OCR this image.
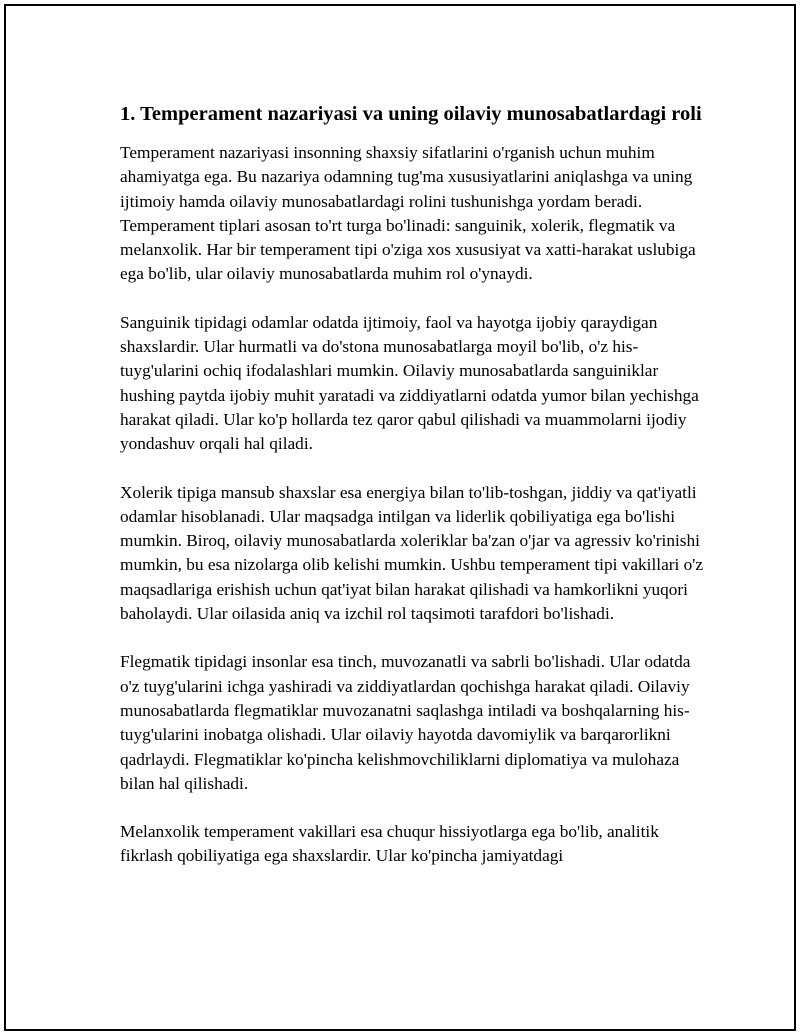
1. Temperament nazariyasi va uning oilaviy munosabatlardagi roli

Temperament nazariyasi insonning shaxsiy sifatlarini o'rganish uchun muhim ahamiyatga ega. Bu nazariya odamning tug'ma xususiyatlarini aniqlashga va uning ijtimoiy hamda oilaviy munosabatlardagi rolini tushunishga yordam beradi. Temperament tiplari asosan to'rt turga bo'linadi: sanguinik, xolerik, flegmatik va melanxolik. Har bir temperament tipi o'ziga xos xususiyat va xatti-harakat uslubiga ega bo'lib, ular oilaviy munosabatlarda muhim rol o'ynaydi.

Sanguinik tipidagi odamlar odatda ijtimoiy, faol va hayotga ijobiy qaraydigan shaxslardir. Ular hurmatli va do'stona munosabatlarga moyil bo'lib, o'z his-tuyg'ularini ochiq ifodalashlari mumkin. Oilaviy munosabatlarda sanguiniklar hushing paytda ijobiy muhit yaratadi va ziddiyatlarni odatda yumor bilan yechishga harakat qiladi. Ular ko'p hollarda tez qaror qabul qilishadi va muammolarni ijodiy yondashuv orqali hal qiladi.

Xolerik tipiga mansub shaxslar esa energiya bilan to'lib-toshgan, jiddiy va qat'iyatli odamlar hisoblanadi. Ular maqsadga intilgan va liderlik qobiliyatiga ega bo'lishi mumkin. Biroq, oilaviy munosabatlarda xoleriklar ba'zan o'jar va agressiv ko'rinishi mumkin, bu esa nizolarga olib kelishi mumkin. Ushbu temperament tipi vakillari o'z maqsadlariga erishish uchun qat'iyat bilan harakat qilishadi va hamkorlikni yuqori baholaydi. Ular oilasida aniq va izchil rol taqsimoti tarafdori bo'lishadi.

Flegmatik tipidagi insonlar esa tinch, muvozanatli va sabrli bo'lishadi. Ular odatda o'z tuyg'ularini ichga yashiradi va ziddiyatlardan qochishga harakat qiladi. Oilaviy munosabatlarda flegmatiklar muvozanatni saqlashga intiladi va boshqalarning his-tuyg'ularini inobatga olishadi. Ular oilaviy hayotda davomiylik va barqarorlikni qadrlaydi. Flegmatiklar ko'pincha kelishmovchiliklarni diplomatiya va mulohaza bilan hal qilishadi.

Melanxolik temperament vakillari esa chuqur hissiyotlarga ega bo'lib, analitik fikrlash qobiliyatiga ega shaxslardir. Ular ko'pincha jamiyatdagi
